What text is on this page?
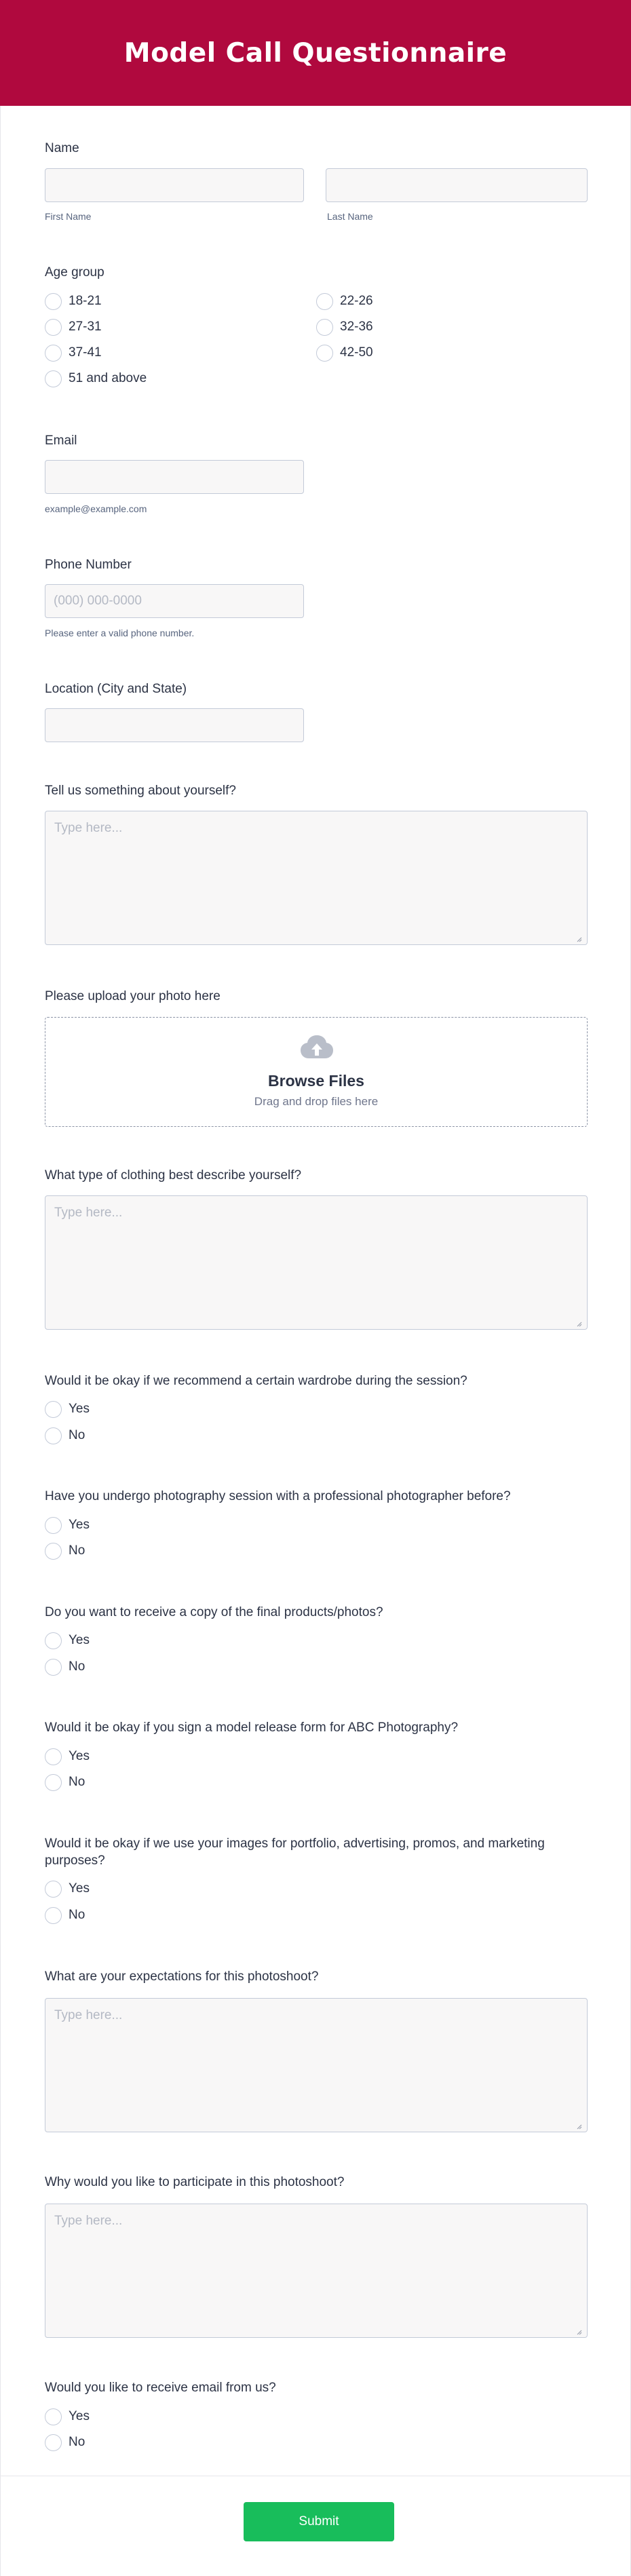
Model Call Questionnaire
Name
First Name	Last Name
Age group
18-21	22-26
27-31	32-36
37-41	42-50
51 and above
Email
example@example.com
Phone Number
(000) 000-0000
Please enter a valid phone number.
Location (City and State)
Tell us something about yourself?
Type here...
Please upload your photo here
Browse Files
Drag and drop files here
What type of clothing best describe yourself?
Type here...
Would it be okay if we recommend a certain wardrobe during the session?
Yes
No
Have you undergo photography session with a professional photographer before?
Yes
No
Do you want to receive a copy of the final products/photos?
Yes
No
Would it be okay if you sign a model release form for ABC Photography?
Yes
No
Would it be okay if we use your images for portfolio, advertising, promos, and marketing purposes?
Yes
No
What are your expectations for this photoshoot?
Type here...
Why would you like to participate in this photoshoot?
Type here...
Would you like to receive email from us?
Yes
No
Submit
